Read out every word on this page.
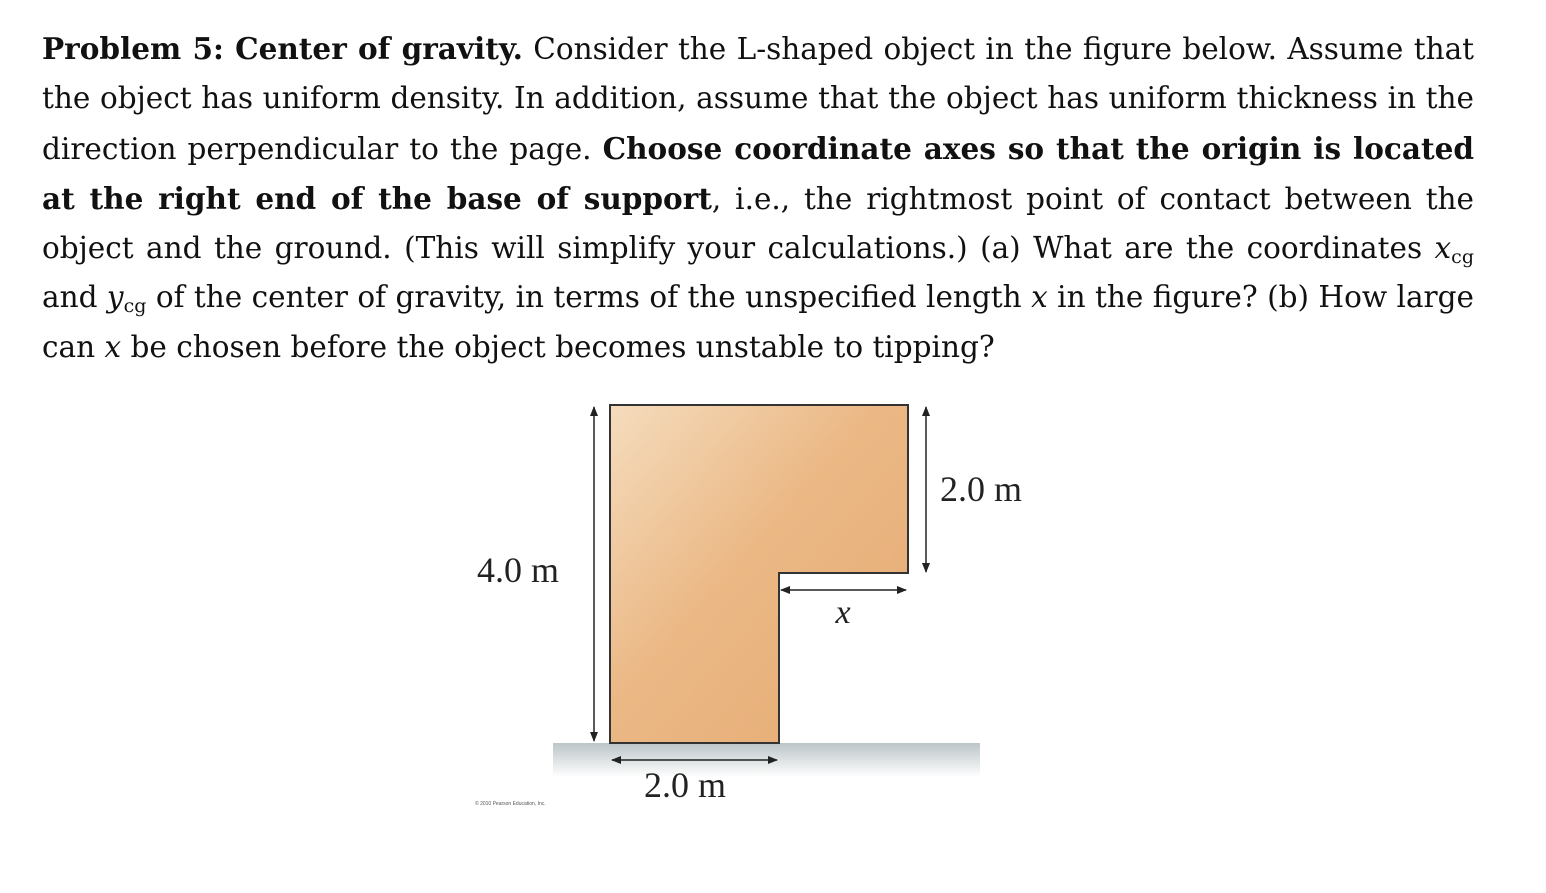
Problem 5: Center of gravity. Consider the L-shaped object in the figure below. Assume that the object has uniform density. In addition, assume that the object has uniform thickness in the direction perpendicular to the page. Choose coordinate axes so that the origin is located at the right end of the base of support, i.e., the rightmost point of contact between the object and the ground. (This will simplify your calculations.) (a) What are the coordinates $x_{cg}$ and $y_{cg}$ of the center of gravity, in terms of the unspecified length x in the figure? (b) How large can x be chosen before the object becomes unstable to tipping?
4.0 m
2.0 m
x
2.0 m
© 2010 Pearson Education, Inc.
